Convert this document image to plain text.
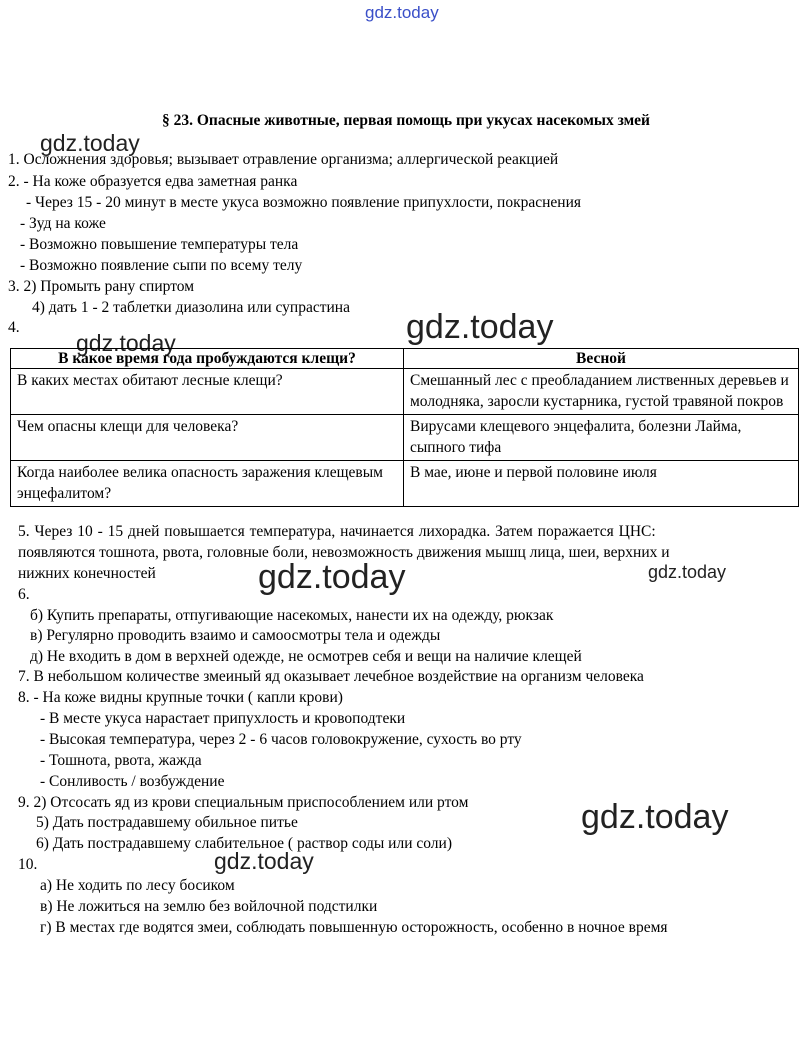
gdz.today
gdz.today
gdz.today
gdz.today
gdz.today	gdz.today
gdz.today
gdz.today
§ 23. Опасные животные, первая помощь при укусах насекомых змей
1. Осложнения здоровья; вызывает отравление организма; аллергической реакцией
2. - На коже образуется едва заметная ранка
- Через 15 - 20 минут в месте укуса возможно появление припухлости, покраснения
- Зуд на коже
- Возможно повышение температуры тела
- Возможно появление сыпи по всему телу
3. 2) Промыть рану спиртом
4) дать 1 - 2 таблетки диазолина или супрастина
4.
В какое время года пробуждаются клещи?	Весной
В каких местах обитают лесные клещи?	Смешанный лес с преобладанием лиственных деревьев и молодняка, заросли кустарника, густой травяной покров
Чем опасны клещи для человека?	Вирусами клещевого энцефалита, болезни Лайма, сыпного тифа
Когда наиболее велика опасность заражения клещевым энцефалитом?	В мае, июне и первой половине июля
5. Через 10 - 15 дней повышается температура, начинается лихорадка. Затем поражается ЦНС:
появляются тошнота, рвота, головные боли, невозможность движения мышц лица, шеи, верхних и
нижних конечностей
6.
б) Купить препараты, отпугивающие насекомых, нанести их на одежду, рюкзак
в) Регулярно проводить взаимо и самоосмотры тела и одежды
д) Не входить в дом в верхней одежде, не осмотрев себя и вещи на наличие клещей
7. В небольшом количестве змеиный яд оказывает лечебное воздействие на организм человека
8. - На коже видны крупные точки ( капли крови)
- В месте укуса нарастает припухлость и кровоподтеки
- Высокая температура, через 2 - 6 часов головокружение, сухость во рту
- Тошнота, рвота, жажда
- Сонливость / возбуждение
9. 2) Отсосать яд из крови специальным приспособлением или ртом
5) Дать пострадавшему обильное питье
6) Дать пострадавшему слабительное ( раствор соды или соли)
10.
а) Не ходить по лесу босиком
в) Не ложиться на землю без войлочной подстилки
г) В местах где водятся змеи, соблюдать повышенную осторожность, особенно в ночное время
